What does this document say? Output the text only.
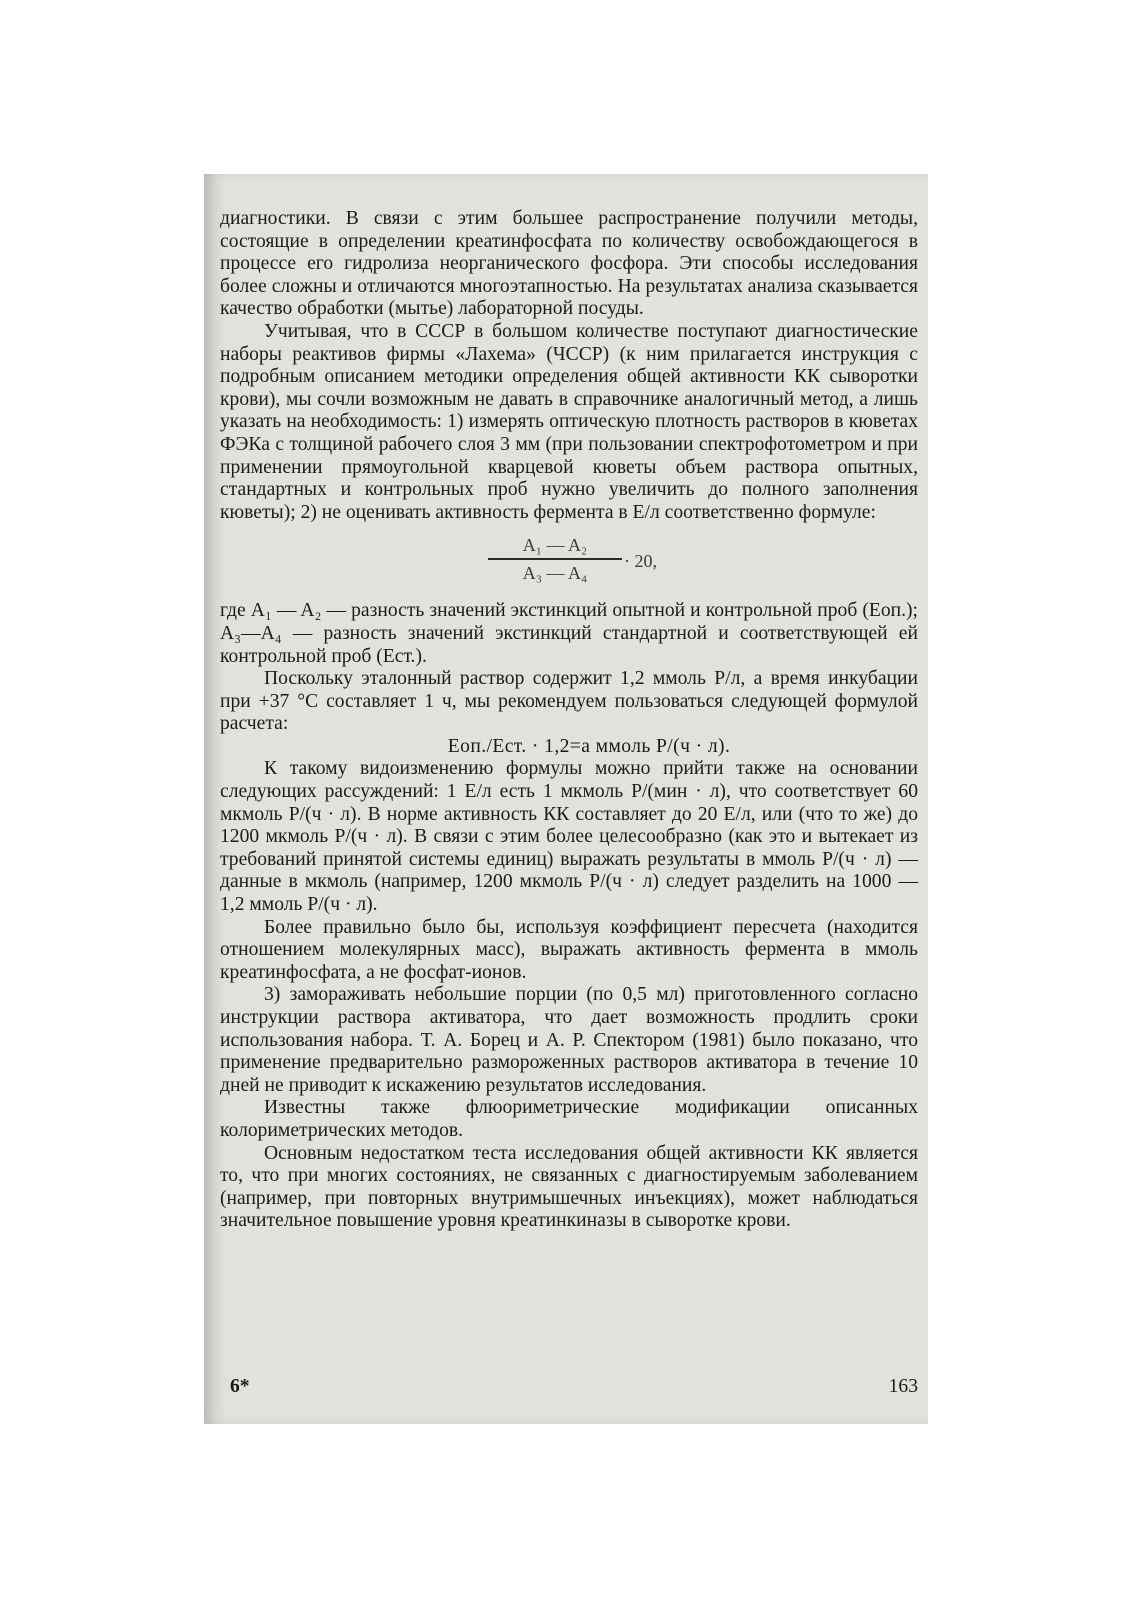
диагностики. В связи с этим большее распространение получили методы, состоящие в определении креатинфосфата по количеству освобождающегося в процессе его гидролиза неорганического фосфора. Эти способы исследования более сложны и отличаются многоэтапностью. На результатах анализа сказывается качество обработки (мытье) лабораторной посуды.

Учитывая, что в СССР в большом количестве поступают диагностические наборы реактивов фирмы «Лахема» (ЧССР) (к ним прилагается инструкция с подробным описанием методики определения общей активности КК сыворотки крови), мы сочли возможным не давать в справочнике аналогичный метод, а лишь указать на необходимость: 1) измерять оптическую плотность растворов в кюветах ФЭКа с толщиной рабочего слоя 3 мм (при пользовании спектрофотометром и при применении прямоугольной кварцевой кюветы объем раствора опытных, стандартных и контрольных проб нужно увеличить до полного заполнения кюветы); 2) не оценивать активность фермента в Е/л соответственно формуле:

A₁ — A₂
A₃ — A₄
· 20,

где A₁ — A₂ — разность значений экстинкций опытной и контрольной проб (Eоп.); A₃—A₄ — разность значений экстинкций стандартной и соответствующей ей контрольной проб (Eст.).

Поскольку эталонный раствор содержит 1,2 ммоль P/л, а время инкубации при +37 °C составляет 1 ч, мы рекомендуем пользоваться следующей формулой расчета:

Eоп./Eст. · 1,2=а ммоль P/(ч · л).

К такому видоизменению формулы можно прийти также на основании следующих рассуждений: 1 Е/л есть 1 мкмоль P/(мин · л), что соответствует 60 мкмоль P/(ч · л). В норме активность КК составляет до 20 Е/л, или (что то же) до 1200 мкмоль P/(ч · л). В связи с этим более целесообразно (как это и вытекает из требований принятой системы единиц) выражать результаты в ммоль P/(ч · л) — данные в мкмоль (например, 1200 мкмоль P/(ч · л) следует разделить на 1000 — 1,2 ммоль P/(ч · л).

Более правильно было бы, используя коэффициент пересчета (находится отношением молекулярных масс), выражать активность фермента в ммоль креатинфосфата, а не фосфат-ионов.

3) замораживать небольшие порции (по 0,5 мл) приготовленного согласно инструкции раствора активатора, что дает возможность продлить сроки использования набора. Т. А. Борец и А. Р. Спектором (1981) было показано, что применение предварительно размороженных растворов активатора в течение 10 дней не приводит к искажению результатов исследования.

Известны также флюориметрические модификации описанных колориметрических методов.

Основным недостатком теста исследования общей активности КК является то, что при многих состояниях, не связанных с диагностируемым заболеванием (например, при повторных внутримышечных инъекциях), может наблюдаться значительное повышение уровня креатинкиназы в сыворотке крови.

6*	163
